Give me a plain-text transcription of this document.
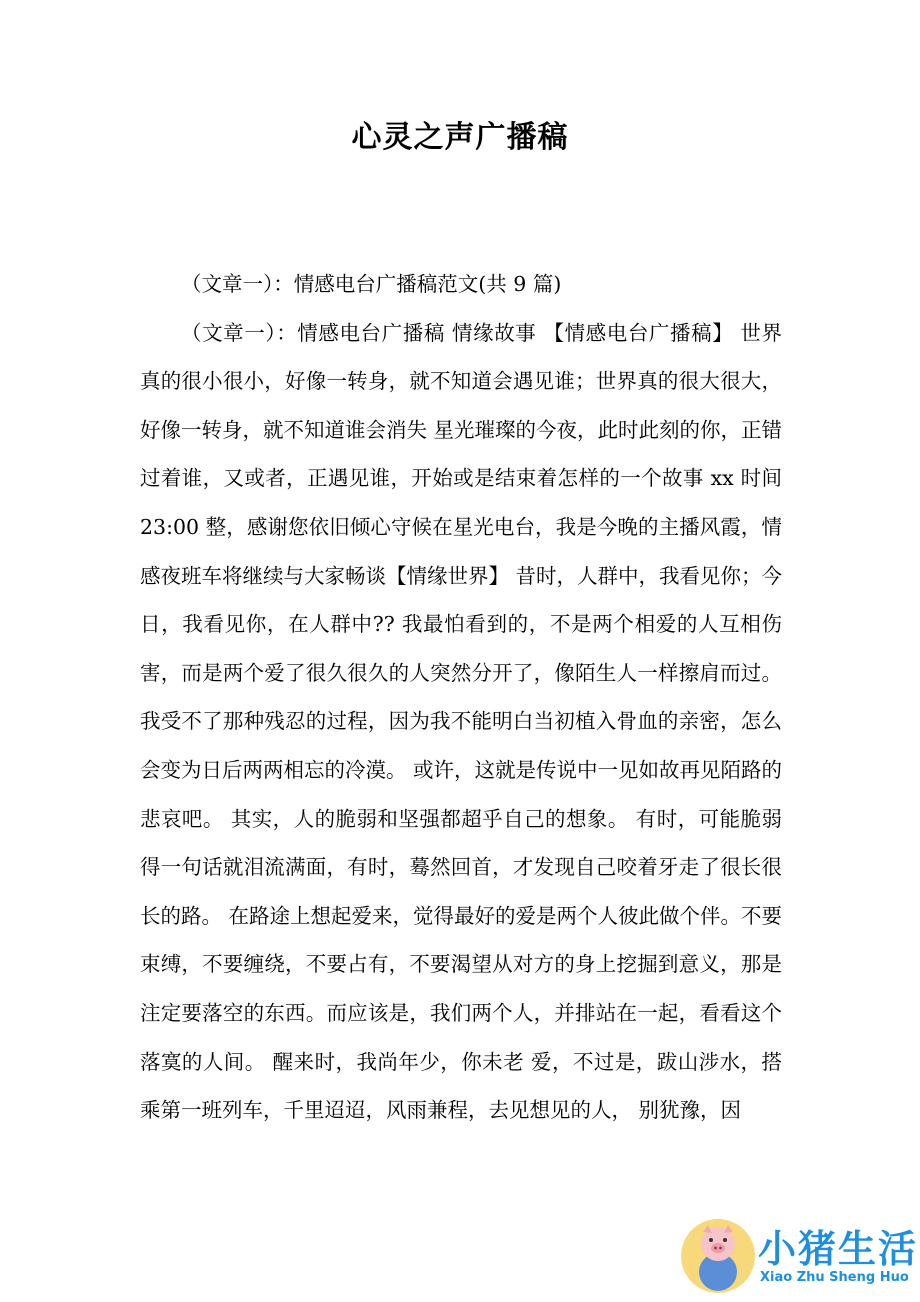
心灵之声广播稿

（文章一）：情感电台广播稿范文(共 9 篇)

（文章一）：情感电台广播稿 情缘故事 【情感电台广播稿】 世界真的很小很小，好像一转身，就不知道会遇见谁；世界真的很大很大，好像一转身，就不知道谁会消失 星光璀璨的今夜，此时此刻的你，正错过着谁，又或者，正遇见谁，开始或是结束着怎样的一个故事 xx 时间 23:00 整，感谢您依旧倾心守候在星光电台，我是今晚的主播风霞，情感夜班车将继续与大家畅谈【情缘世界】 昔时，人群中，我看见你；今日，我看见你，在人群中?? 我最怕看到的，不是两个相爱的人互相伤害，而是两个爱了很久很久的人突然分开了，像陌生人一样擦肩而过。我受不了那种残忍的过程，因为我不能明白当初植入骨血的亲密，怎么会变为日后两两相忘的冷漠。 或许，这就是传说中一见如故再见陌路的悲哀吧。 其实，人的脆弱和坚强都超乎自己的想象。 有时，可能脆弱得一句话就泪流满面，有时，蓦然回首，才发现自己咬着牙走了很长很长的路。 在路途上想起爱来，觉得最好的爱是两个人彼此做个伴。不要束缚，不要缠绕，不要占有，不要渴望从对方的身上挖掘到意义，那是注定要落空的东西。而应该是，我们两个人，并排站在一起，看看这个落寞的人间。 醒来时，我尚年少，你未老 爱，不过是，跋山涉水，搭乘第一班列车，千里迢迢，风雨兼程，去见想见的人， 别犹豫，因

小猪生活
Xiao Zhu Sheng Huo
